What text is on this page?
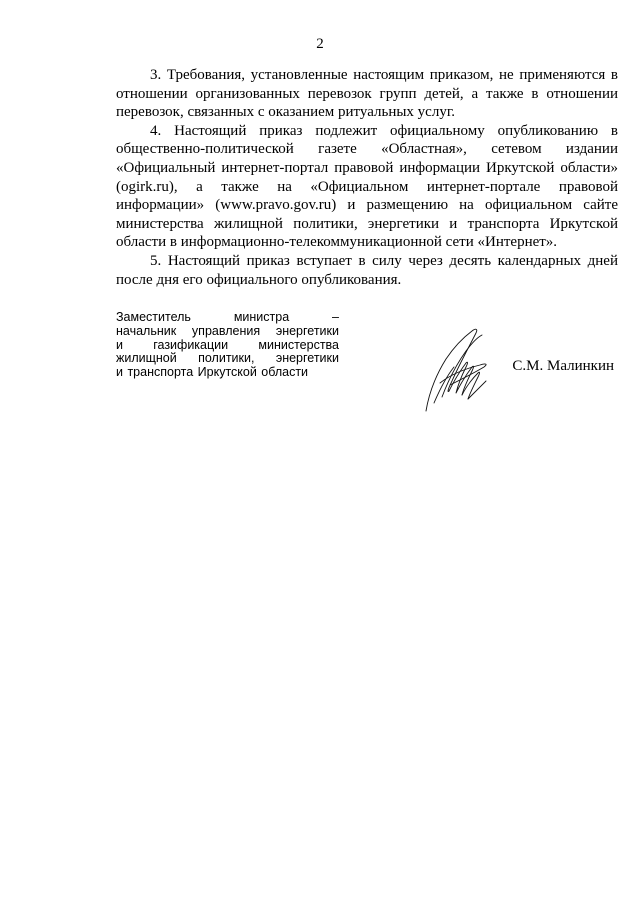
2

3. Требования, установленные настоящим приказом, не применяются в отношении организованных перевозок групп детей, а также в отношении перевозок, связанных с оказанием ритуальных услуг.

4. Настоящий приказ подлежит официальному опубликованию в общественно-политической газете «Областная», сетевом издании «Официальный интернет-портал правовой информации Иркутской области» (ogirk.ru), а также на «Официальном интернет-портале правовой информации» (www.pravo.gov.ru) и размещению на официальном сайте министерства жилищной политики, энергетики и транспорта Иркутской области в информационно-телекоммуникационной сети «Интернет».

5. Настоящий приказ вступает в силу через десять календарных дней после дня его официального опубликования.

Заместитель министра –
начальник управления энергетики
и газификации министерства
жилищной политики, энергетики
и транспорта Иркутской области	С.М. Малинкин
